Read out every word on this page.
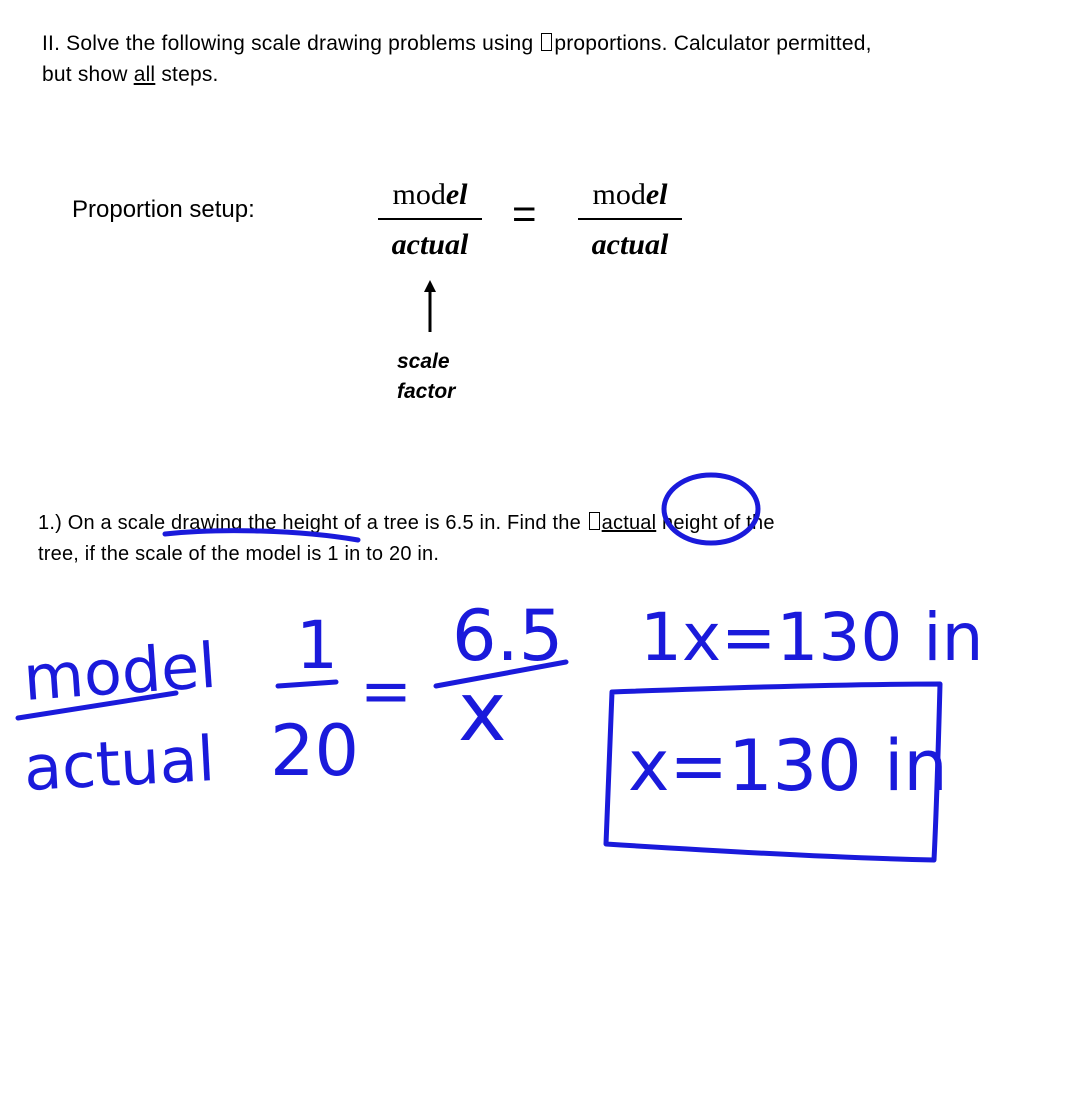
II. Solve the following scale drawing problems using proportions. Calculator permitted,
but show all steps.
Proportion setup:	model
actual
=	model
actual
scale
factor
1.) On a scale drawing the height of a tree is 6.5 in. Find the actual height of the
tree, if the scale of the model is 1 in to 20 in.
model
actual
1
20
=
6.5
x
1x=130 in
x=130 in
